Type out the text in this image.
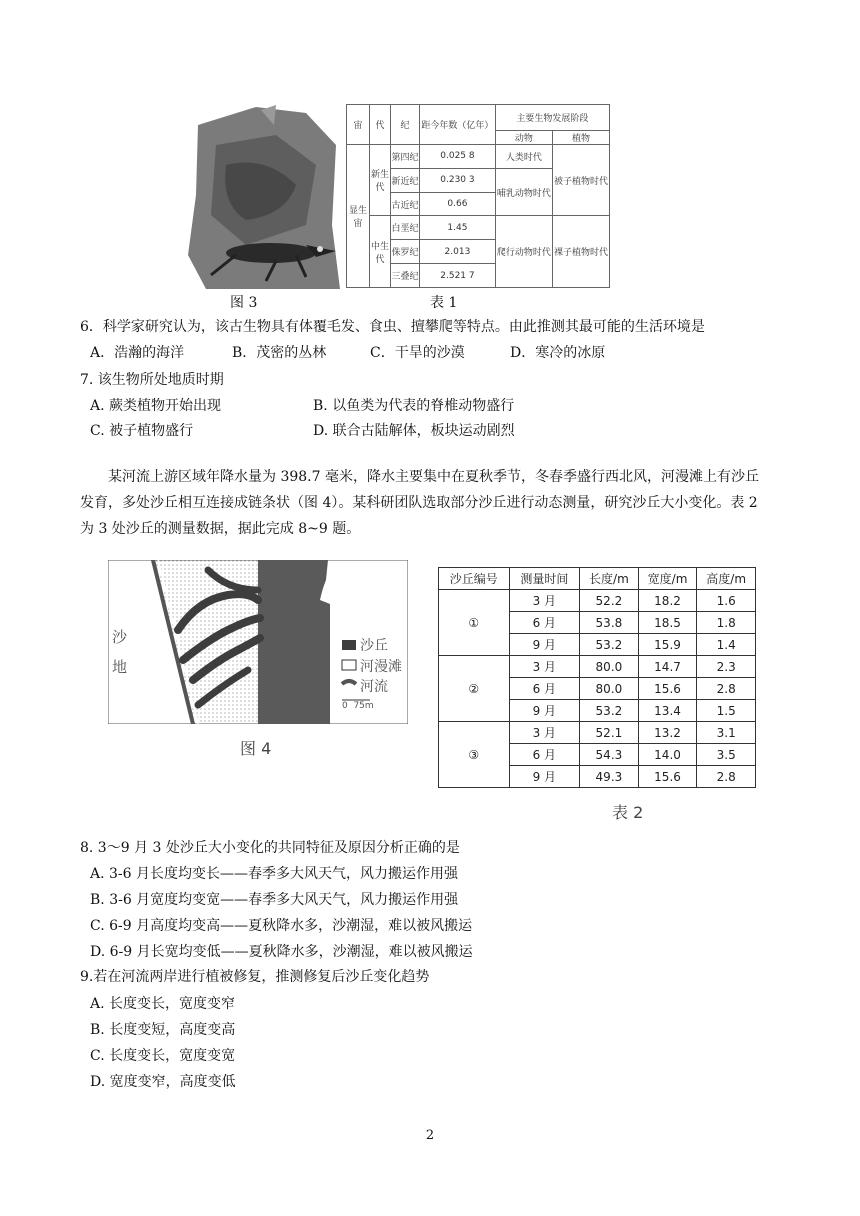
图 3
宙	代	纪	距今年数（亿年）	主要生物发展阶段	
				动物	植物
显生宙	新生代	第四纪	0.025 8	人类时代	被子植物时代
		新近纪	0.230 3	哺乳动物时代	
		古近纪	0.66		
	中生代	白垩纪	1.45	爬行动物时代	裸子植物时代
		侏罗纪	2.013		
		三叠纪	2.521 7		
表 1
6．科学家研究认为，该古生物具有体覆毛发、食虫、擅攀爬等特点。由此推测其最可能的生活环境是
A．浩瀚的海洋	B．茂密的丛林	C．干旱的沙漠	D．寒冷的冰原
7. 该生物所处地质时期
A. 蕨类植物开始出现	B. 以鱼类为代表的脊椎动物盛行
C. 被子植物盛行	D. 联合古陆解体，板块运动剧烈
某河流上游区域年降水量为 398.7 毫米，降水主要集中在夏秋季节，冬春季盛行西北风，河漫滩上有沙丘发育，多处沙丘相互连接成链条状（图 4）。某科研团队选取部分沙丘进行动态测量，研究沙丘大小变化。表 2 为 3 处沙丘的测量数据，据此完成 8~9 题。
沙地
沙丘
河漫滩
河流
0  75m
图 4
沙丘编号	测量时间	长度/m	宽度/m	高度/m
①	3 月	52.2	18.2	1.6
	6 月	53.8	18.5	1.8
	9 月	53.2	15.9	1.4
②	3 月	80.0	14.7	2.3
	6 月	80.0	15.6	2.8
	9 月	53.2	13.4	1.5
③	3 月	52.1	13.2	3.1
	6 月	54.3	14.0	3.5
	9 月	49.3	15.6	2.8
表 2
8. 3～9 月 3 处沙丘大小变化的共同特征及原因分析正确的是
A. 3-6 月长度均变长——春季多大风天气，风力搬运作用强
B. 3-6 月宽度均变宽——春季多大风天气，风力搬运作用强
C. 6-9 月高度均变高——夏秋降水多，沙潮湿，难以被风搬运
D. 6-9 月长宽均变低——夏秋降水多，沙潮湿，难以被风搬运
9.若在河流两岸进行植被修复，推测修复后沙丘变化趋势
A. 长度变长，宽度变窄
B. 长度变短，高度变高
C. 长度变长，宽度变宽
D. 宽度变窄，高度变低
2
